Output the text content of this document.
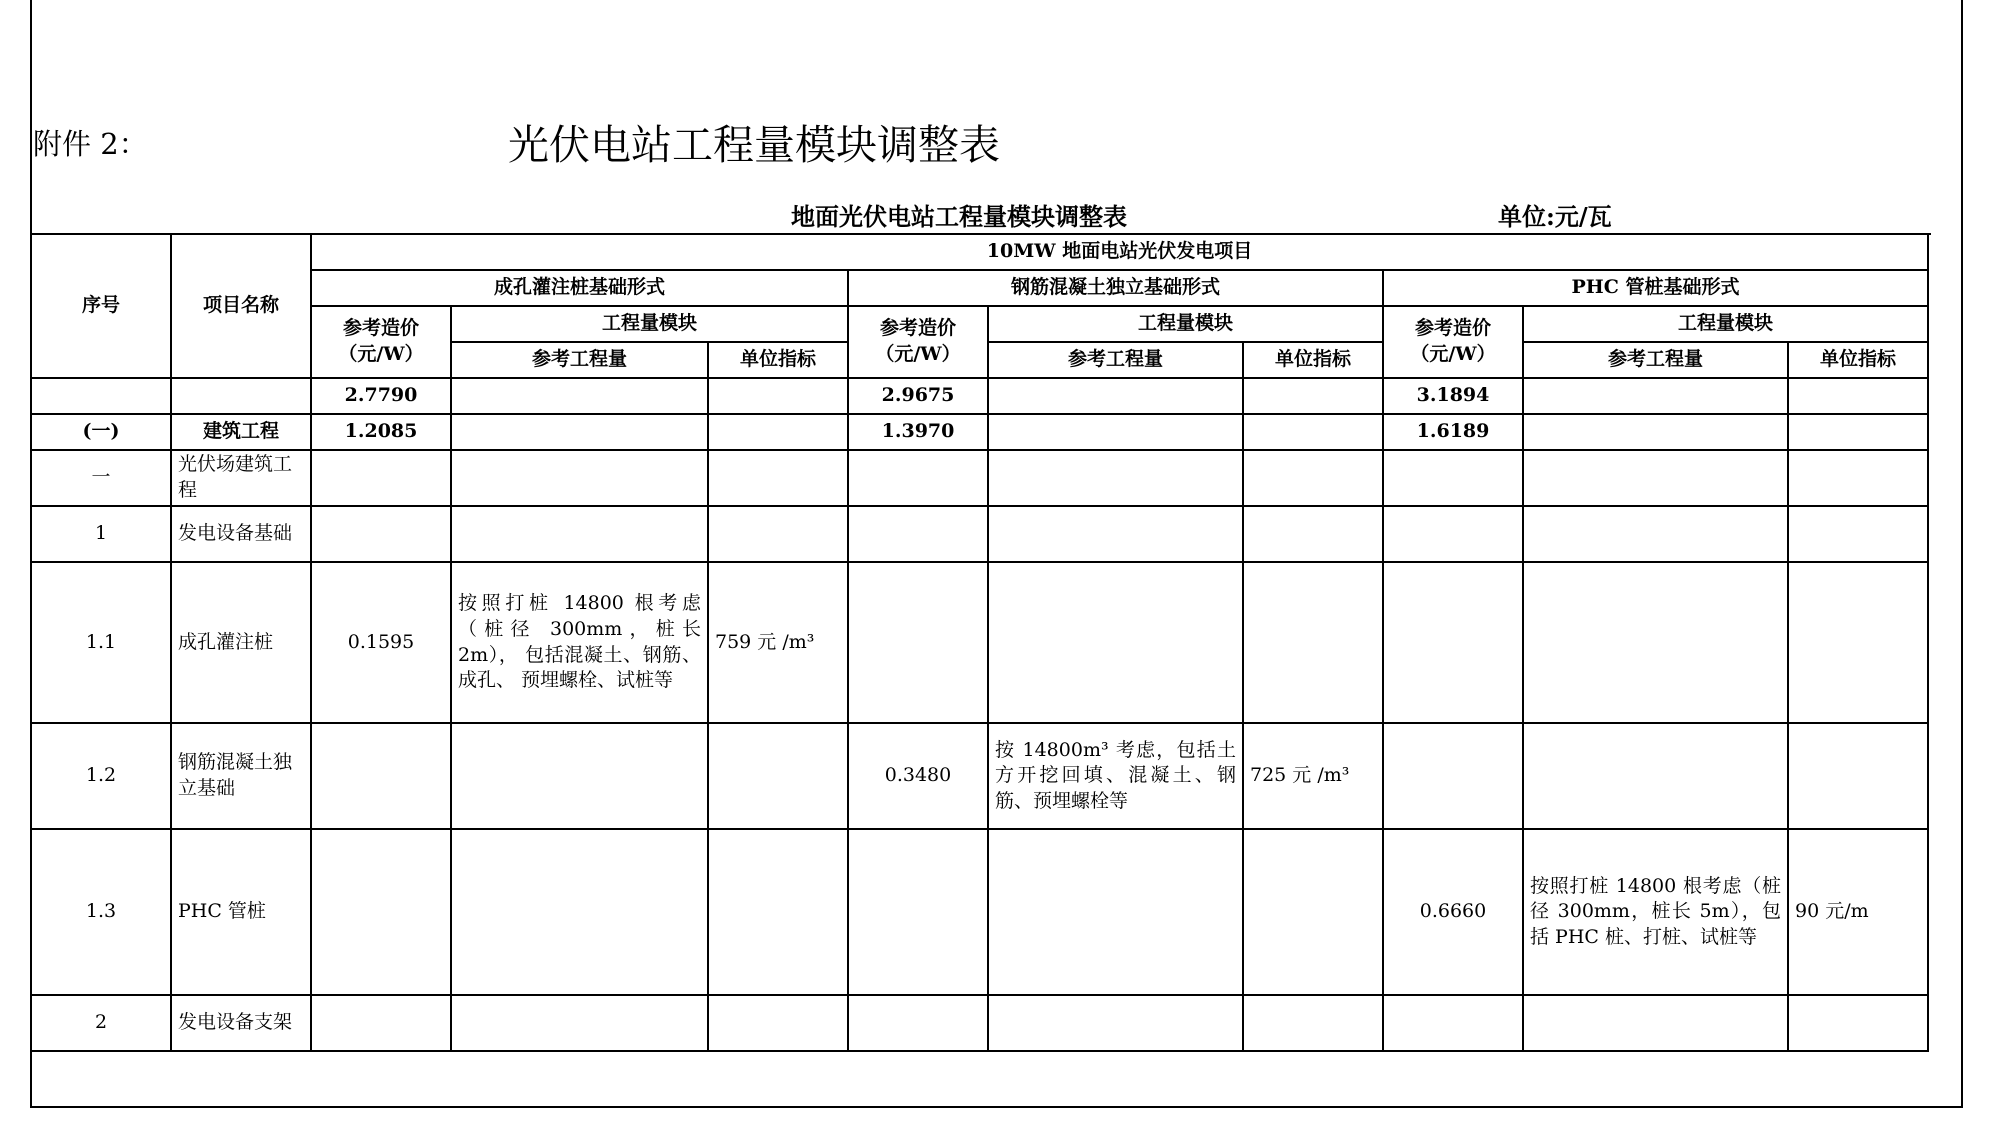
附件 2：	光伏电站工程量模块调整表
地面光伏电站工程量模块调整表	单位:元/瓦
序号	项目名称	10MW 地面电站光伏发电项目								
		成孔灌注桩基础形式			钢筋混凝土独立基础形式			PHC 管桩基础形式		
		参考造价（元/W）	工程量模块		参考造价（元/W）	工程量模块		参考造价（元/W）	工程量模块	
			参考工程量	单位指标		参考工程量	单位指标		参考工程量	单位指标
		2.7790			2.9675			3.1894		
(一)	建筑工程	1.2085			1.3970			1.6189		
一	光伏场建筑工程									
1	发电设备基础									
1.1	成孔灌注桩	0.1595	按照打桩 14800 根考虑（桩径 300mm，桩长 2m）， 包括混凝土、钢筋、成孔、 预埋螺栓、试桩等	759 元 /m³						
1.2	钢筋混凝土独立基础				0.3480	按 14800m³ 考虑，包括土 方开挖回填、混凝土、钢 筋、预埋螺栓等	725 元 /m³			
1.3	PHC 管桩							0.6660	按照打桩 14800 根考虑（桩 径 300mm，桩长 5m），包 括 PHC 桩、打桩、试桩等	90 元/m
2	发电设备支架									
